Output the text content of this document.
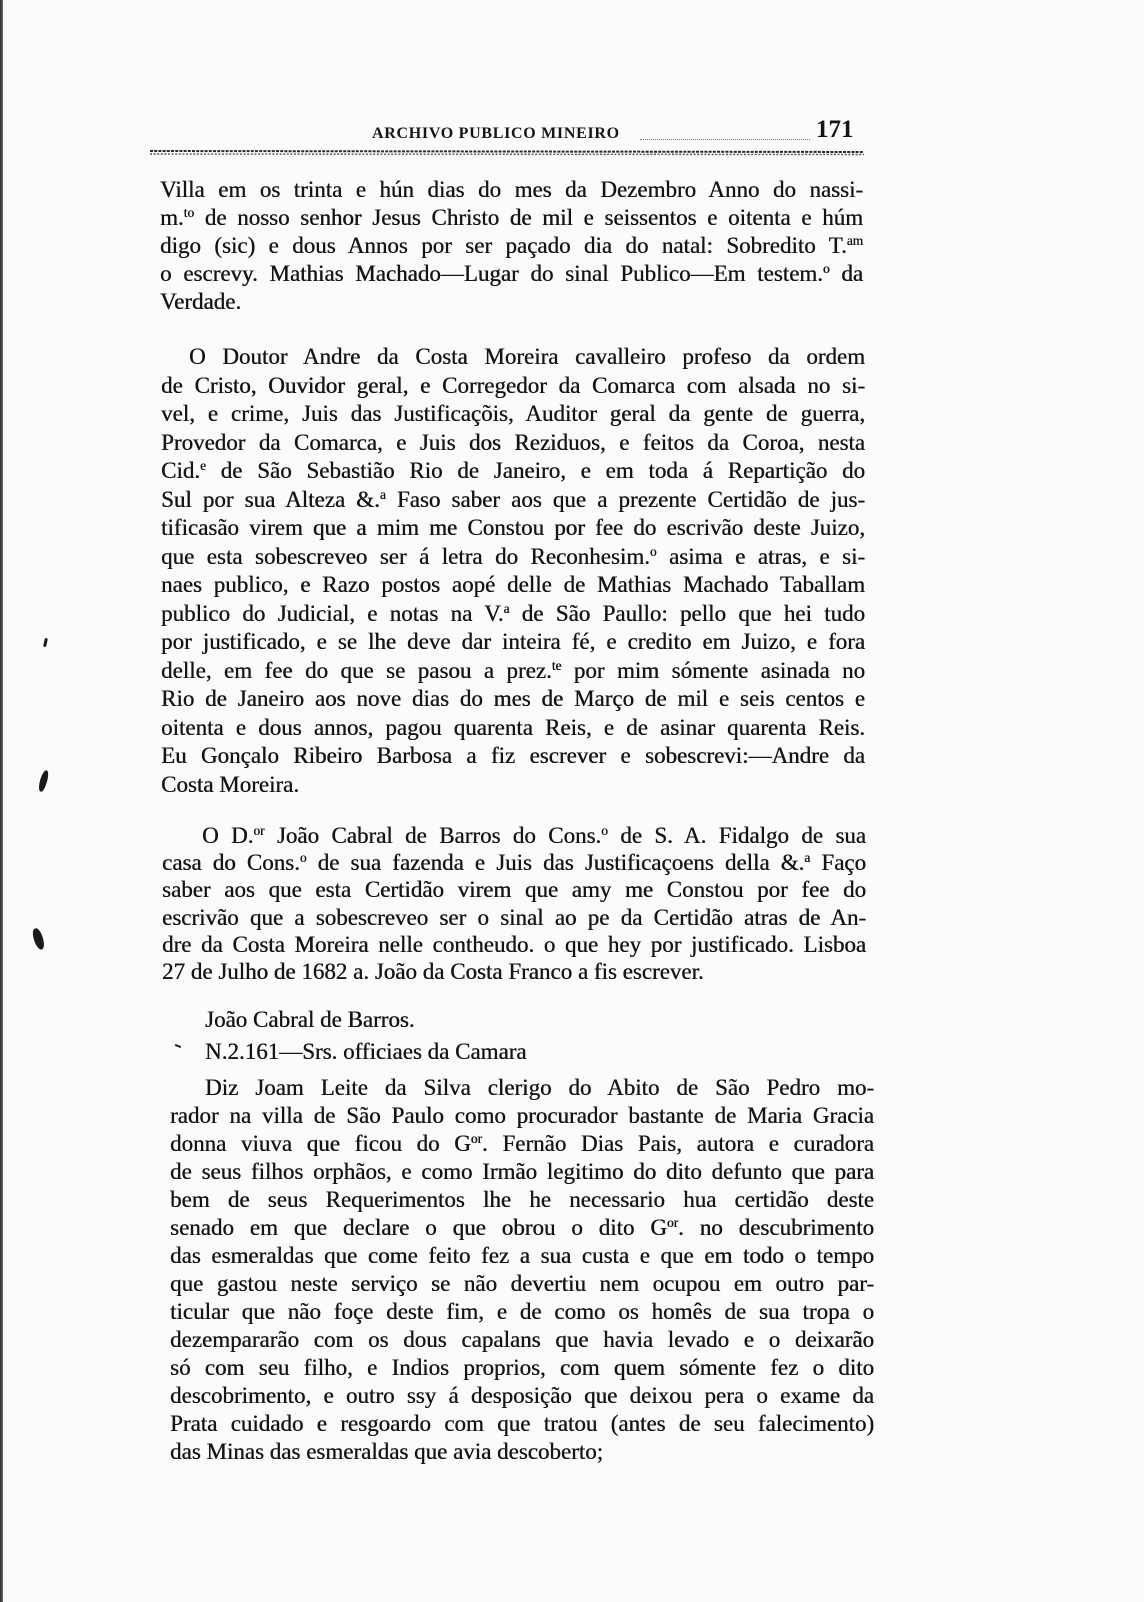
ARCHIVO PUBLICO MINEIRO	171
Villa em os trinta e hún dias do mes da Dezembro Anno do nassi-
m.$^{to}$ de nosso senhor Jesus Christo de mil e seissentos e oitenta e húm
digo (sic) e dous Annos por ser paçado dia do natal: Sobredito T.$^{am}$
o escrevy. Mathias Machado—Lugar do sinal Publico—Em testem.$^o$ da
Verdade.
O Doutor Andre da Costa Moreira cavalleiro profeso da ordem
de Cristo, Ouvidor geral, e Corregedor da Comarca com alsada no si-
vel, e crime, Juis das Justificaçõis, Auditor geral da gente de guerra,
Provedor da Comarca, e Juis dos Reziduos, e feitos da Coroa, nesta
Cid.$^e$ de São Sebastião Rio de Janeiro, e em toda á Repartição do
Sul por sua Alteza &.$^a$ Faso saber aos que a prezente Certidão de jus-
tificasão virem que a mim me Constou por fee do escrivão deste Juizo,
que esta sobescreveo ser á letra do Reconhesim.$^o$ asima e atras, e si-
naes publico, e Razo postos aopé delle de Mathias Machado Taballam
publico do Judicial, e notas na V.$^a$ de São Paullo: pello que hei tudo
por justificado, e se lhe deve dar inteira fé, e credito em Juizo, e fora
delle, em fee do que se pasou a prez.$^{te}$ por mim sómente asinada no
Rio de Janeiro aos nove dias do mes de Março de mil e seis centos e
oitenta e dous annos, pagou quarenta Reis, e de asinar quarenta Reis.
Eu Gonçalo Ribeiro Barbosa a fiz escrever e sobescrevi:—Andre da
Costa Moreira.
O D.$^{or}$ João Cabral de Barros do Cons.$^o$ de S. A. Fidalgo de sua
casa do Cons.$^o$ de sua fazenda e Juis das Justificaçoens della &.$^a$ Faço
saber aos que esta Certidão virem que amy me Constou por fee do
escrivão que a sobescreveo ser o sinal ao pe da Certidão atras de An-
dre da Costa Moreira nelle contheudo. o que hey por justificado. Lisboa
27 de Julho de 1682 a. João da Costa Franco a fis escrever.
João Cabral de Barros.
N.2.161—Srs. officiaes da Camara
Diz Joam Leite da Silva clerigo do Abito de São Pedro mo-
rador na villa de São Paulo como procurador bastante de Maria Gracia
donna viuva que ficou do $G^{or}$. Fernão Dias Pais, autora e curadora
de seus filhos orphãos, e como Irmão legitimo do dito defunto que para
bem de seus Requerimentos lhe he necessario hua certidão deste
senado em que declare o que obrou o dito $G^{or}$. no descubrimento
das esmeraldas que come feito fez a sua custa e que em todo o tempo
que gastou neste serviço se não devertiu nem ocupou em outro par-
ticular que não foçe deste fim, e de como os homês de sua tropa o
dezempararão com os dous capalans que havia levado e o deixarão
só com seu filho, e Indios proprios, com quem sómente fez o dito
descobrimento, e outro ssy á desposição que deixou pera o exame da
Prata cuidado e resgoardo com que tratou (antes de seu falecimento)
das Minas das esmeraldas que avia descoberto;
